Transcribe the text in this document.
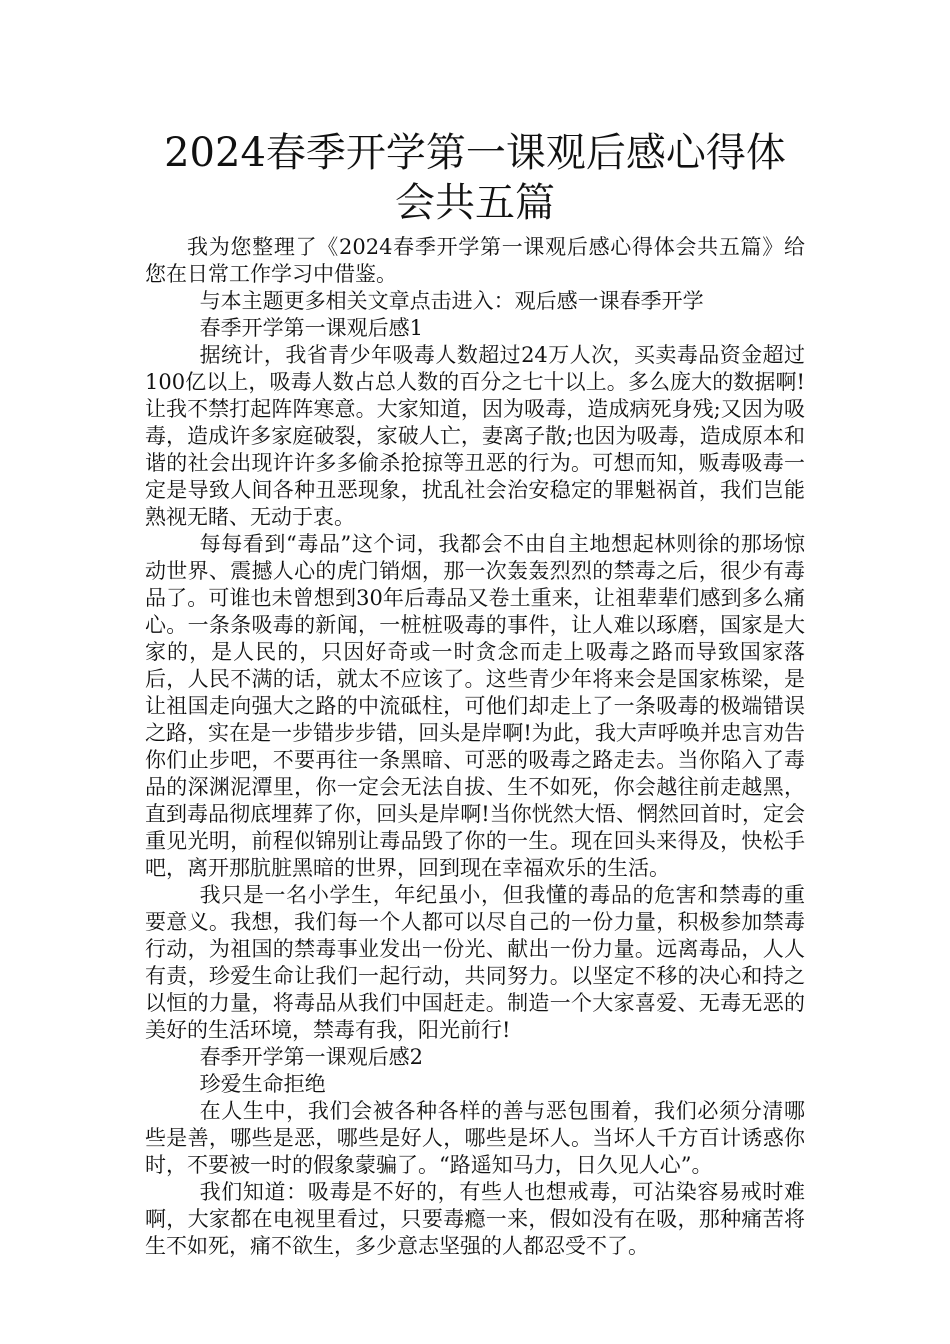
2024春季开学第一课观后感心得体会共五篇

我为您整理了《2024春季开学第一课观后感心得体会共五篇》给您在日常工作学习中借鉴。

与本主题更多相关文章点击进入：观后感一课春季开学

春季开学第一课观后感1

据统计，我省青少年吸毒人数超过24万人次，买卖毒品资金超过100亿以上，吸毒人数占总人数的百分之七十以上。多么庞大的数据啊!让我不禁打起阵阵寒意。大家知道，因为吸毒，造成病死身残;又因为吸毒，造成许多家庭破裂，家破人亡，妻离子散;也因为吸毒，造成原本和谐的社会出现许许多多偷杀抢掠等丑恶的行为。可想而知，贩毒吸毒一定是导致人间各种丑恶现象，扰乱社会治安稳定的罪魁祸首，我们岂能熟视无睹、无动于衷。

每每看到“毒品”这个词，我都会不由自主地想起林则徐的那场惊动世界、震撼人心的虎门销烟，那一次轰轰烈烈的禁毒之后，很少有毒品了。可谁也未曾想到30年后毒品又卷土重来，让祖辈辈们感到多么痛心。一条条吸毒的新闻，一桩桩吸毒的事件，让人难以琢磨，国家是大家的，是人民的，只因好奇或一时贪念而走上吸毒之路而导致国家落后，人民不满的话，就太不应该了。这些青少年将来会是国家栋梁，是让祖国走向强大之路的中流砥柱，可他们却走上了一条吸毒的极端错误之路，实在是一步错步步错，回头是岸啊!为此，我大声呼唤并忠言劝告你们止步吧，不要再往一条黑暗、可恶的吸毒之路走去。当你陷入了毒品的深渊泥潭里，你一定会无法自拔、生不如死，你会越往前走越黑，直到毒品彻底埋葬了你，回头是岸啊!当你恍然大悟、惘然回首时，定会重见光明，前程似锦别让毒品毁了你的一生。现在回头来得及，快松手吧，离开那肮脏黑暗的世界，回到现在幸福欢乐的生活。

我只是一名小学生，年纪虽小，但我懂的毒品的危害和禁毒的重要意义。我想，我们每一个人都可以尽自己的一份力量，积极参加禁毒行动，为祖国的禁毒事业发出一份光、献出一份力量。远离毒品，人人有责，珍爱生命让我们一起行动，共同努力。以坚定不移的决心和持之以恒的力量，将毒品从我们中国赶走。制造一个大家喜爱、无毒无恶的美好的生活环境，禁毒有我，阳光前行!

春季开学第一课观后感2

珍爱生命拒绝

在人生中，我们会被各种各样的善与恶包围着，我们必须分清哪些是善，哪些是恶，哪些是好人，哪些是坏人。当坏人千方百计诱惑你时，不要被一时的假象蒙骗了。“路遥知马力，日久见人心”。

我们知道：吸毒是不好的，有些人也想戒毒，可沾染容易戒时难啊，大家都在电视里看过，只要毒瘾一来，假如没有在吸，那种痛苦将生不如死，痛不欲生，多少意志坚强的人都忍受不了。
